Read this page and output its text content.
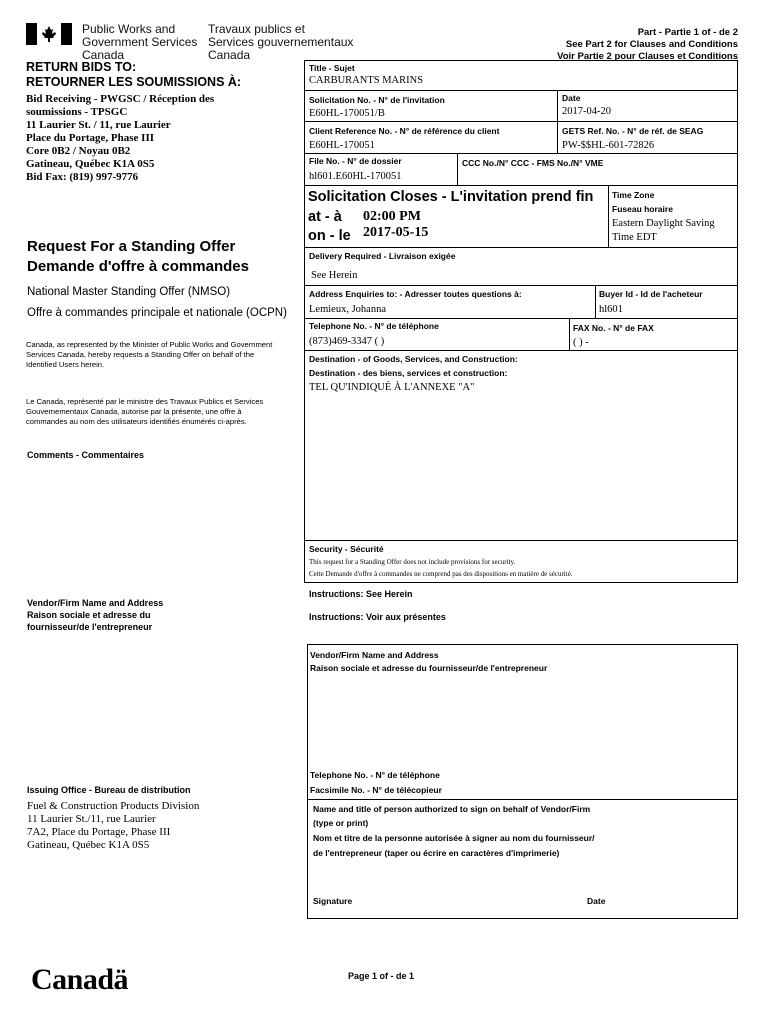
Public Works and
Government Services
Canada
Travaux publics et
Services gouvernementaux
Canada
Part - Partie 1 of - de 2
See Part 2 for Clauses and Conditions
Voir Partie 2 pour Clauses et Conditions
RETURN BIDS TO:
RETOURNER LES SOUMISSIONS À:
Bid Receiving - PWGSC / Réception des
soumissions - TPSGC
11 Laurier St. / 11, rue Laurier
Place du Portage, Phase III
Core 0B2 / Noyau 0B2
Gatineau, Québec K1A 0S5
Bid Fax: (819) 997-9776
Request For a Standing Offer
Demande d'offre à commandes
National Master Standing Offer (NMSO)
Offre à commandes principale et nationale (OCPN)
Canada, as represented by the Minister of Public Works and Government Services Canada, hereby requests a Standing Offer on behalf of the Identified Users herein.
Le Canada, représenté par le ministre des Travaux Publics et Services Gouvernementaux Canada, autorise par la présente, une offre à commandes au nom des utilisateurs identifiés énumérés ci-après.
Comments - Commentaires
Vendor/Firm Name and Address
Raison sociale et adresse du
fournisseur/de l'entrepreneur
Issuing Office - Bureau de distribution
Fuel & Construction Products Division
11 Laurier St./11, rue Laurier
7A2, Place du Portage, Phase III
Gatineau, Québec K1A 0S5
Title - Sujet
CARBURANTS MARINS
Solicitation No. - N° de l'invitation
E60HL-170051/B
Date
2017-04-20
Client Reference No. - N° de référence du client
E60HL-170051
GETS Ref. No. - N° de réf. de SEAG
PW-$$HL-601-72826
File No. - N° de dossier
hl601.E60HL-170051
CCC No./N° CCC - FMS No./N° VME
Solicitation Closes - L'invitation prend fin
at - à 02:00 PM
on - le 2017-05-15
Time Zone
Fuseau horaire
Eastern Daylight Saving
Time EDT
Delivery Required - Livraison exigée
See Herein
Address Enquiries to: - Adresser toutes questions à:
Lemieux, Johanna
Buyer Id - Id de l'acheteur
hl601
Telephone No. - N° de téléphone
(873)469-3347 ( )
FAX No. - N° de FAX
( ) -
Destination - of Goods, Services, and Construction:
Destination - des biens, services et construction:
TEL QU'INDIQUÉ À L'ANNEXE "A"
Security - Sécurité
This request for a Standing Offer does not include provisions for security.
Cette Demande d'offre à commandes ne comprend pas des dispositions en matière de sécurité.
Instructions: See Herein
Instructions: Voir aux présentes
Vendor/Firm Name and Address
Raison sociale et adresse du fournisseur/de l'entrepreneur
Telephone No. - N° de téléphone
Facsimile No. - N° de télécopieur
Name and title of person authorized to sign on behalf of Vendor/Firm
(type or print)
Nom et titre de la personne autorisée à signer au nom du fournisseur/
de l'entrepreneur (taper ou écrire en caractères d'imprimerie)
Signature	Date
Canadä	Page 1 of - de 1
